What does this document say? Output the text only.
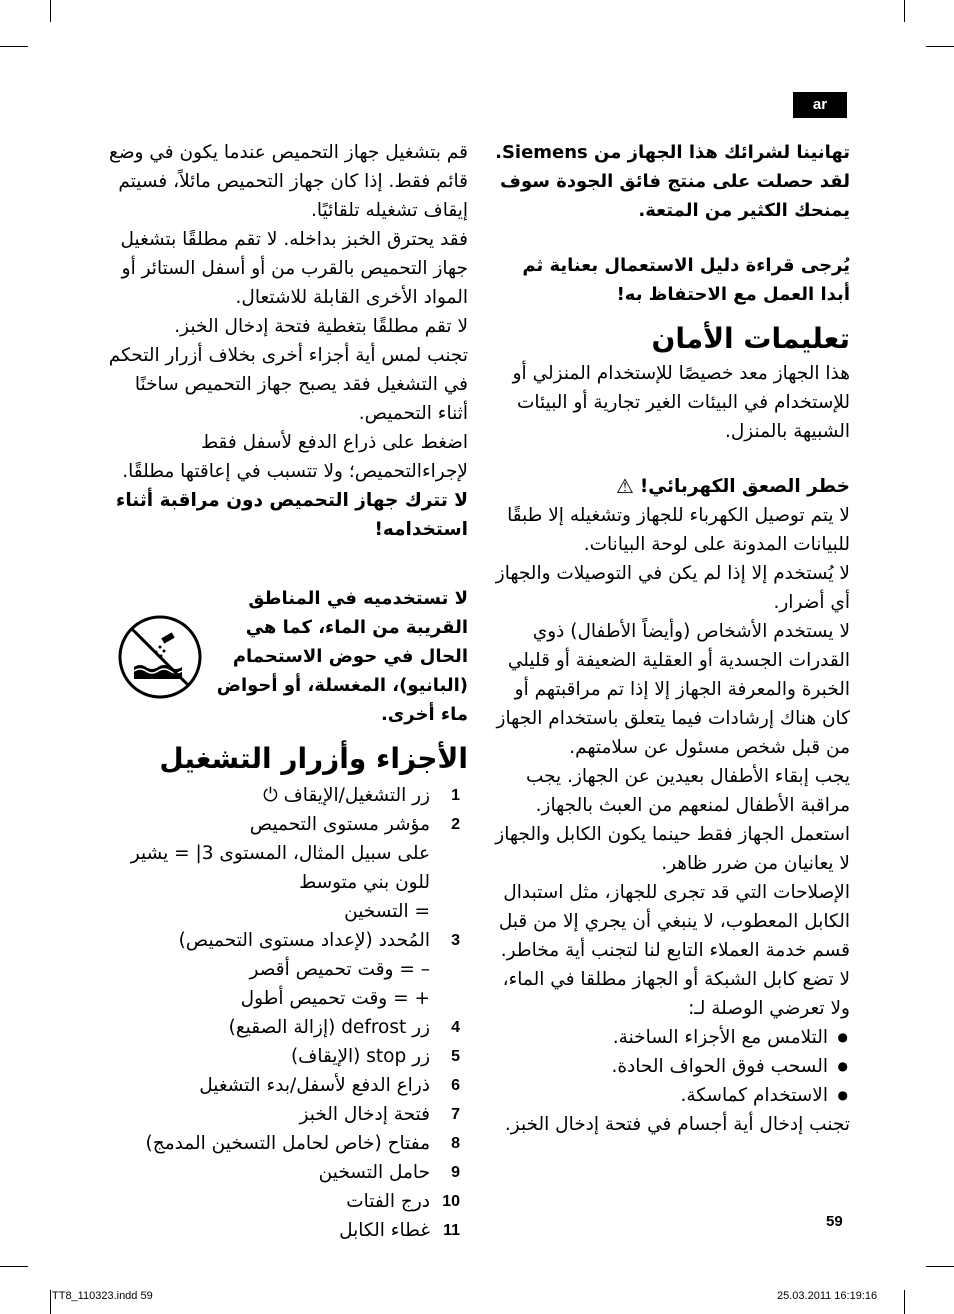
ar

تهانينا لشرائك هذا الجهاز من Siemens. لقد حصلت على منتج فائق الجودة سوف يمنحك الكثير من المتعة.

يُرجى قراءة دليل الاستعمال بعناية ثم أبدا العمل مع الاحتفاظ به!

تعليمات الأمان

هذا الجهاز معد خصيصًا للإستخدام المنزلي أو للإستخدام في البيئات الغير تجارية أو البيئات الشبيهة بالمنزل.

خطر الصعق الكهربائي!
⚠

لا يتم توصيل الكهرباء للجهاز وتشغيله إلا طبقًا للبيانات المدونة على لوحة البيانات.

لا يُستخدم إلا إذا لم يكن في التوصيلات والجهاز أي أضرار.

لا يستخدم الأشخاص (وأيضاً الأطفال) ذوي القدرات الجسدية أو العقلية الضعيفة أو قليلي الخبرة والمعرفة الجهاز إلا إذا تم مراقبتهم أو كان هناك إرشادات فيما يتعلق باستخدام الجهاز من قبل شخص مسئول عن سلامتهم.

يجب إبقاء الأطفال بعيدين عن الجهاز. يجب مراقبة الأطفال لمنعهم من العبث بالجهاز.

استعمل الجهاز فقط حينما يكون الكابل والجهاز لا يعانيان من ضرر ظاهر.

الإصلاحات التي قد تجرى للجهاز، مثل استبدال الكابل المعطوب، لا ينبغي أن يجري إلا من قبل قسم خدمة العملاء التابع لنا لتجنب أية مخاطر.

لا تضع كابل الشبكة أو الجهاز مطلقا في الماء، ولا تعرضي الوصلة لـ:

● التلامس مع الأجزاء الساخنة.
● السحب فوق الحواف الحادة.
● الاستخدام كماسكة.

تجنب إدخال أية أجسام في فتحة إدخال الخبز.

قم بتشغيل جهاز التحميص عندما يكون في وضع قائم فقط. إذا كان جهاز التحميص مائلاً، فسيتم إيقاف تشغيله تلقائيًا.

فقد يحترق الخبز بداخله. لا تقم مطلقًا بتشغيل جهاز التحميص بالقرب من أو أسفل الستائر أو المواد الأخرى القابلة للاشتعال.

لا تقم مطلقًا بتغطية فتحة إدخال الخبز.

تجنب لمس أية أجزاء أخرى بخلاف أزرار التحكم في التشغيل فقد يصبح جهاز التحميص ساخنًا أثناء التحميص.

اضغط على ذراع الدفع لأسفل فقط لإجراءالتحميص؛ ولا تتسبب في إعاقتها مطلقًا.

لا تترك جهاز التحميص دون مراقبة أثناء استخدامه!

لا تستخدميه في المناطق القريبة من الماء، كما هي الحال في حوض الاستحمام (البانيو)، المغسلة، أو أحواض ماء أخرى.

الأجزاء وأزرار التشغيل
1
زر التشغيل/الإيقاف ⏻
2
مؤشر مستوى التحميص
على سبيل المثال، المستوى 3| = يشير للون بني متوسط
= التسخين
3
المُحدد (لإعداد مستوى التحميص)
– = وقت تحميص أقصر
+ = وقت تحميص أطول
4
زر defrost (إزالة الصقيع)
5
زر stop (الإيقاف)
6
ذراع الدفع لأسفل/بدء التشغيل
7
فتحة إدخال الخبز
8
مفتاح (خاص لحامل التسخين المدمج)
9
حامل التسخين
10
درج الفتات
11
غطاء الكابل	59
TT8_110323.indd 59	25.03.2011 16:19:16
